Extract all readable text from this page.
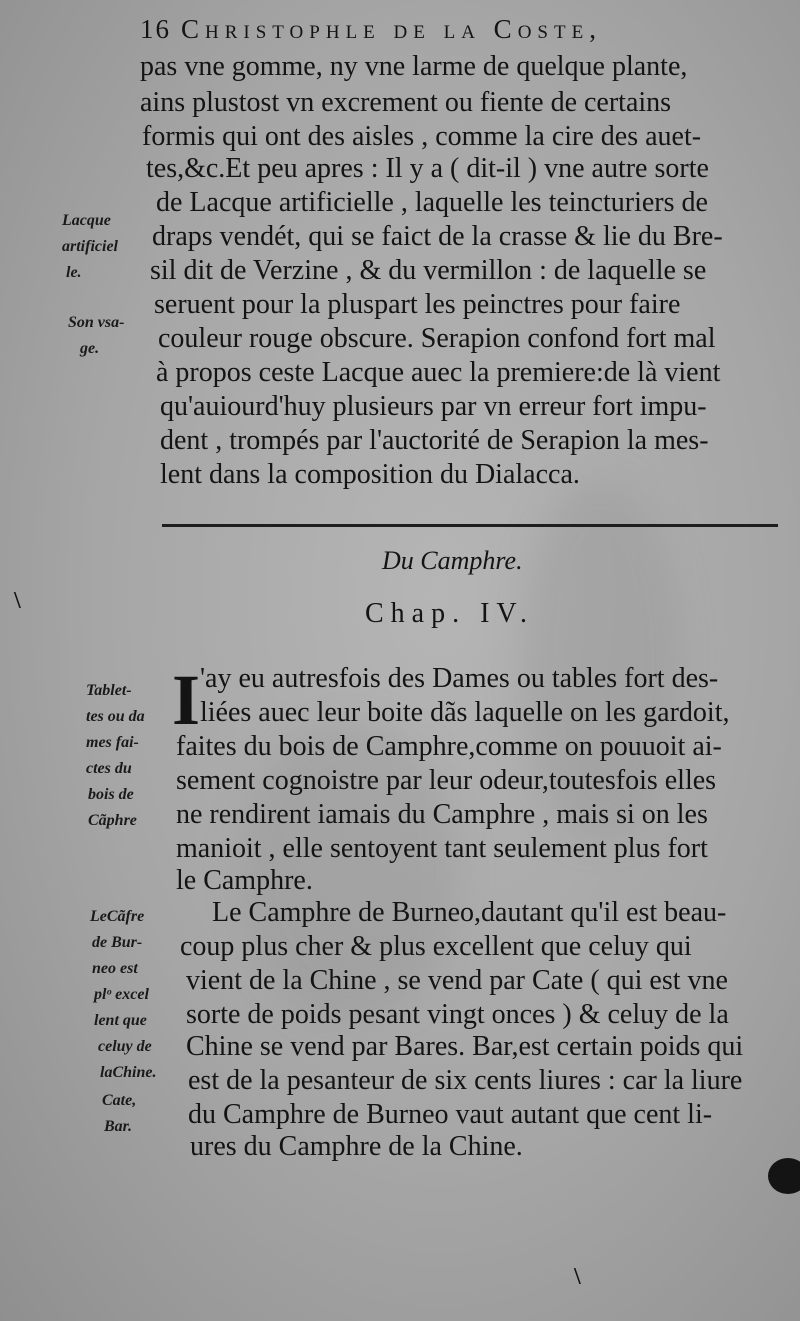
16 Christophle de la Coste,
pas vne gomme, ny vne larme de quelque plante,
ains plustost vn excrement ou fiente de certains
formis qui ont des aisles , comme la cire des auet-
tes,&c.Et peu apres : Il y a ( dit-il ) vne autre sorte
de Lacque artificielle , laquelle les teincturiers de
draps vendét, qui se faict de la crasse & lie du Bre-
sil dit de Verzine , & du vermillon : de laquelle se
seruent pour la pluspart les peinctres pour faire
couleur rouge obscure. Serapion confond fort mal
à propos ceste Lacque auec la premiere:de là vient
qu'auiourd'huy plusieurs par vn erreur fort impu-
dent , trompés par l'auctorité de Serapion la mes-
lent dans la composition du Dialacca.
Lacque
artificiel
le.
Son vsa-
ge.
Du Camphre.
Chap. IV.
I 'ay eu autresfois des Dames ou tables fort des-
liées auec leur boite dãs laquelle on les gardoit,
faites du bois de Camphre,comme on pouuoit ai-
sement cognoistre par leur odeur,toutesfois elles
ne rendirent iamais du Camphre , mais si on les
manioit , elle sentoyent tant seulement plus fort
le Camphre.
Tablet-
tes ou da
mes fai-
ctes du
bois de
Cãphre
Le Camphre de Burneo,dautant qu'il est beau-
coup plus cher & plus excellent que celuy qui
vient de la Chine , se vend par Cate ( qui est vne
sorte de poids pesant vingt onces ) & celuy de la
Chine se vend par Bares. Bar,est certain poids qui
est de la pesanteur de six cents liures : car la liure
du Camphre de Burneo vaut autant que cent li-
ures du Camphre de la Chine.
LeCãfre
de Bur-
neo est
plᵒ excel
lent que
celuy de
laChine.
Cate,
Bar.
\
\
